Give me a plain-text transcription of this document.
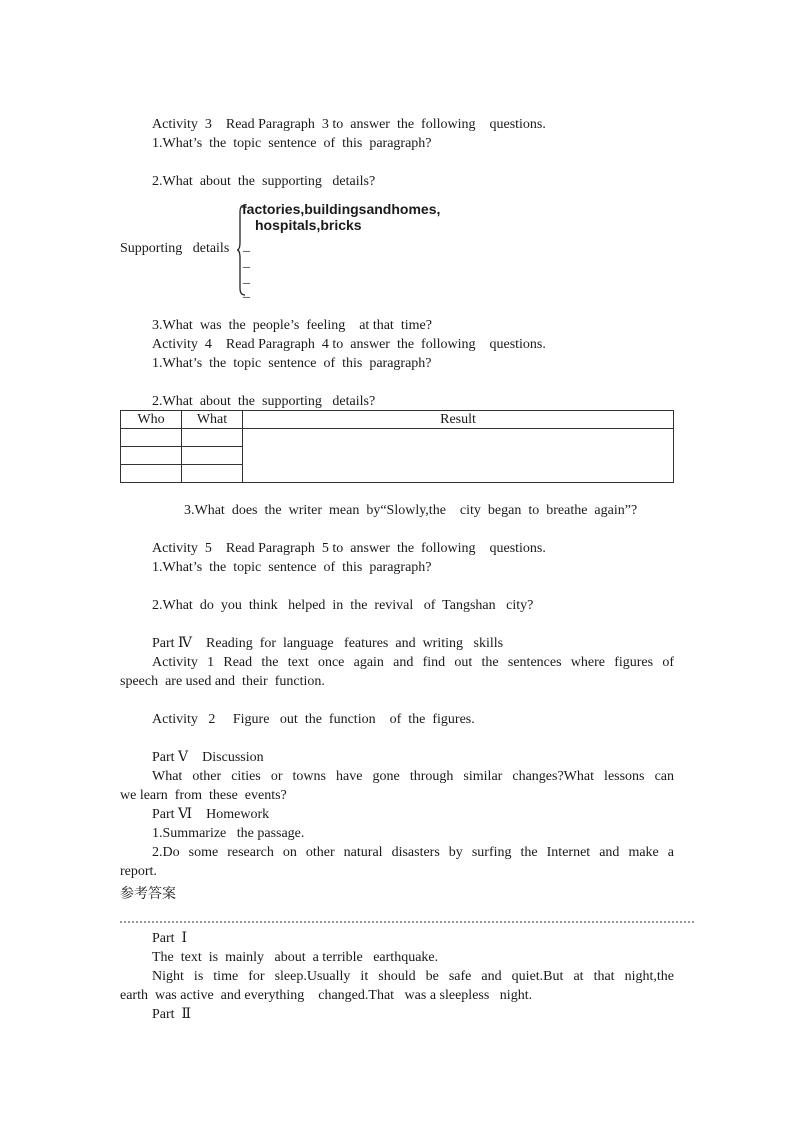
Activity  3    Read Paragraph  3 to  answer  the  following    questions.
1.What’s  the  topic  sentence  of  this  paragraph?
2.What  about  the  supporting   details?
factories,buildingsandhomes,
hospitals,bricks
Supporting   details _
_
_
_
3.What  was  the  people’s  feeling    at that  time?
Activity  4    Read Paragraph  4 to  answer  the  following    questions.
1.What’s  the  topic  sentence  of  this  paragraph?
2.What  about  the  supporting   details?
Who	What	Result

3.What  does  the  writer  mean  by“Slowly,the    city  began  to  breathe  again”?
Activity  5    Read Paragraph  5 to  answer  the  following    questions.
1.What’s  the  topic  sentence  of  this  paragraph?
2.What  do  you  think   helped  in  the  revival   of  Tangshan   city?
Part Ⅳ    Reading  for  language   features  and  writing   skills
Activity 1 Read the text once again and find out the sentences where figures of
speech  are used and  their  function.
Activity   2     Figure   out  the  function    of  the  figures.
Part Ⅴ    Discussion
What other cities or towns have gone through similar changes?What lessons can
we learn  from  these  events?
Part Ⅵ    Homework
1.Summarize   the passage.
2.Do some research on other natural disasters by surfing the Internet and make a
report.
参考答案
Part  Ⅰ
The  text  is  mainly   about  a terrible   earthquake.
Night is time for sleep.Usually it should be safe and quiet.But at that night,the
earth  was active  and everything    changed.That   was a sleepless   night.
Part  Ⅱ
